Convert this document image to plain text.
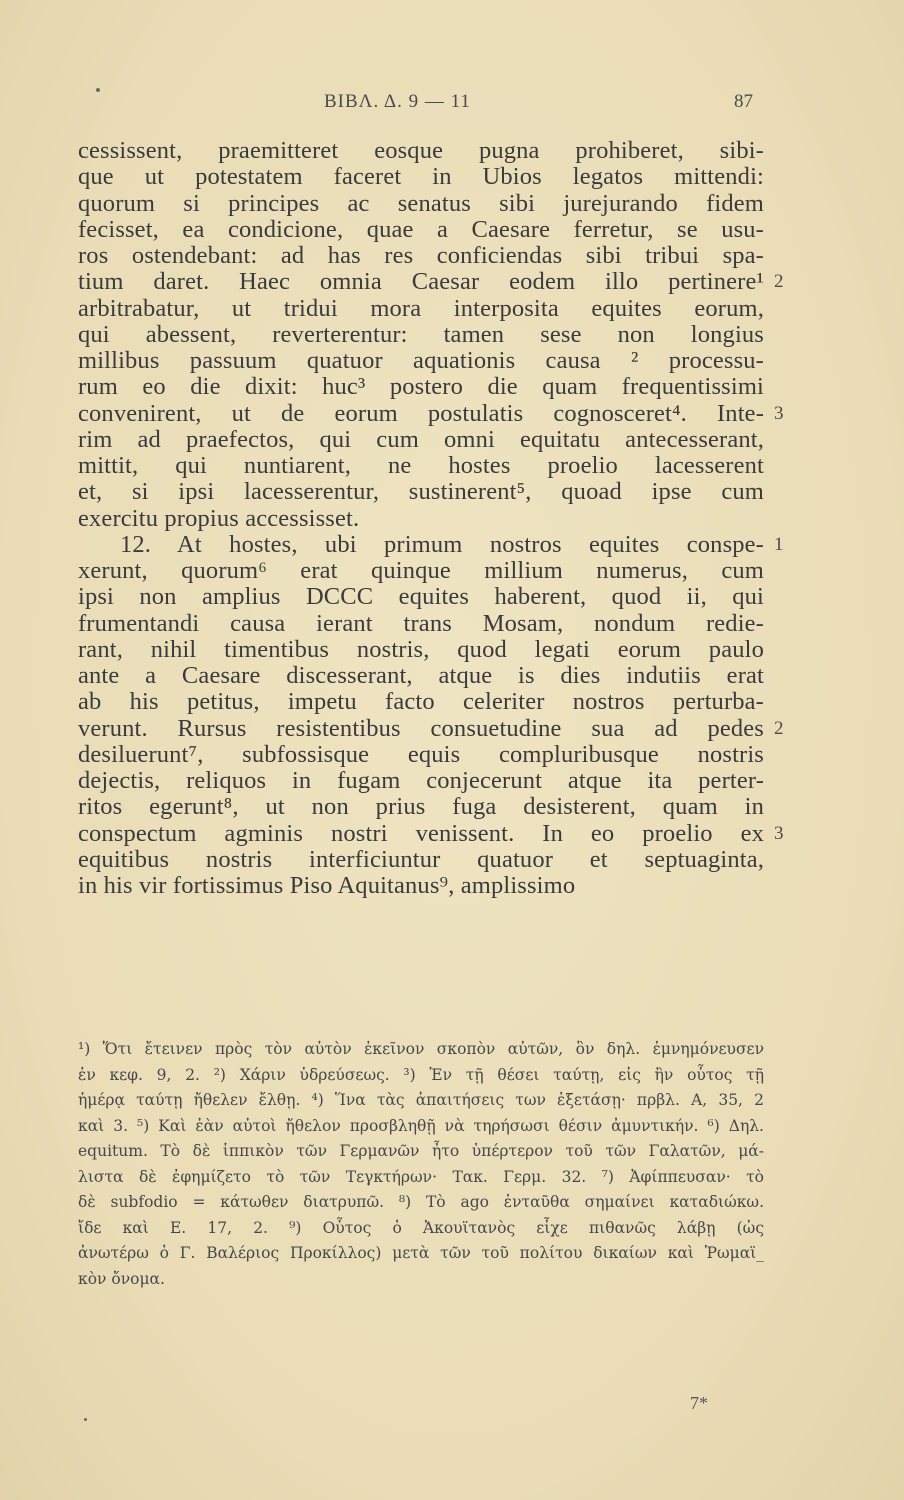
BIBΛ. Δ. 9 — 11	87
cessissent, praemitteret eosque pugna prohiberet, sibi-
que ut potestatem faceret in Ubios legatos mittendi:
quorum si principes ac senatus sibi jurejurando fidem
fecisset, ea condicione, quae a Caesare ferretur, se usu-
ros ostendebant: ad has res conficiendas sibi tribui spa-
tium daret. Haec omnia Caesar eodem illo pertinere¹ 2
arbitrabatur, ut tridui mora interposita equites eorum,
qui abessent, reverterentur: tamen sese non longius
millibus passuum quatuor aquationis causa ² processu-
rum eo die dixit: huc³ postero die quam frequentissimi
convenirent, ut de eorum postulatis cognosceret⁴. Inte- 3
rim ad praefectos, qui cum omni equitatu antecesserant,
mittit, qui nuntiarent, ne hostes proelio lacesserent
et, si ipsi lacesserentur, sustinerent⁵, quoad ipse cum
exercitu propius accessisset.
12. At hostes, ubi primum nostros equites conspe- 1
xerunt, quorum⁶ erat quinque millium numerus, cum
ipsi non amplius DCCC equites haberent, quod ii, qui
frumentandi causa ierant trans Mosam, nondum redie-
rant, nihil timentibus nostris, quod legati eorum paulo
ante a Caesare discesserant, atque is dies indutiis erat
ab his petitus, impetu facto celeriter nostros perturba-
verunt. Rursus resistentibus consuetudine sua ad pedes 2
desiluerunt⁷, subfossisque equis compluribusque nostris
dejectis, reliquos in fugam conjecerunt atque ita perter-
ritos egerunt⁸, ut non prius fuga desisterent, quam in
conspectum agminis nostri venissent. In eo proelio ex 3
equitibus nostris interficiuntur quatuor et septuaginta,
in his vir fortissimus Piso Aquitanus⁹, amplissimo
¹) Ὅτι ἔτεινεν πρὸς τὸν αὐτὸν ἐκεῖνον σκοπὸν αὐτῶν, ὃν δηλ. ἐμνημόνευσεν
ἐν κεφ. 9, 2. ²) Χάριν ὑδρεύσεως. ³) Ἐν τῇ θέσει ταύτῃ, εἰς ἣν οὗτος τῇ
ἡμέρᾳ ταύτῃ ἤθελεν ἔλθῃ. ⁴) Ἵνα τὰς ἀπαιτήσεις των ἐξετάσῃ· πρβλ. A, 35, 2
καὶ 3. ⁵) Καὶ ἐὰν αὐτοὶ ἤθελον προσβληθῇ νὰ τηρήσωσι θέσιν ἀμυντικήν. ⁶) Δηλ.
equitum. Τὸ δὲ ἱππικὸν τῶν Γερμανῶν ἦτο ὑπέρτερον τοῦ τῶν Γαλατῶν, μά-
λιστα δὲ ἐφημίζετο τὸ τῶν Τεγκτήρων· Τακ. Γερμ. 32. ⁷) Ἀφίππευσαν· τὸ
δὲ subfodio = κάτωθεν διατρυπῶ. ⁸) Τὸ ago ἐνταῦθα σημαίνει καταδιώκω.
ἴδε καὶ E. 17, 2. ⁹) Οὗτος ὁ Ἀκουϊτανὸς εἶχε πιθανῶς λάβῃ (ὡς
ἀνωτέρω ὁ Γ. Βαλέριος Προκίλλος) μετὰ τῶν τοῦ πολίτου δικαίων καὶ Ῥωμαϊ_
κὸν ὄνομα.
7*
